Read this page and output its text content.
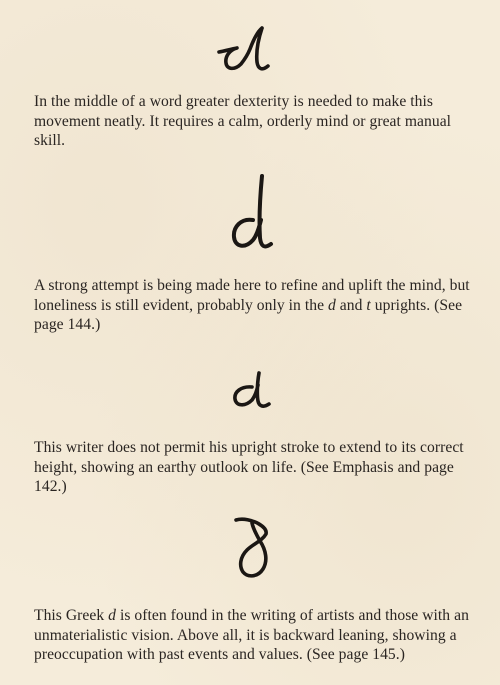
In the middle of a word greater dexterity is needed to make this movement neatly. It requires a calm, orderly mind or great manual skill.

A strong attempt is being made here to refine and uplift the mind, but loneliness is still evident, probably only in the d and t uprights. (See page 144.)

This writer does not permit his upright stroke to extend to its correct height, showing an earthy outlook on life. (See Emphasis and page 142.)

This Greek d is often found in the writing of artists and those with an unmaterialistic vision. Above all, it is backward leaning, showing a preoccupation with past events and values. (See page 145.)
